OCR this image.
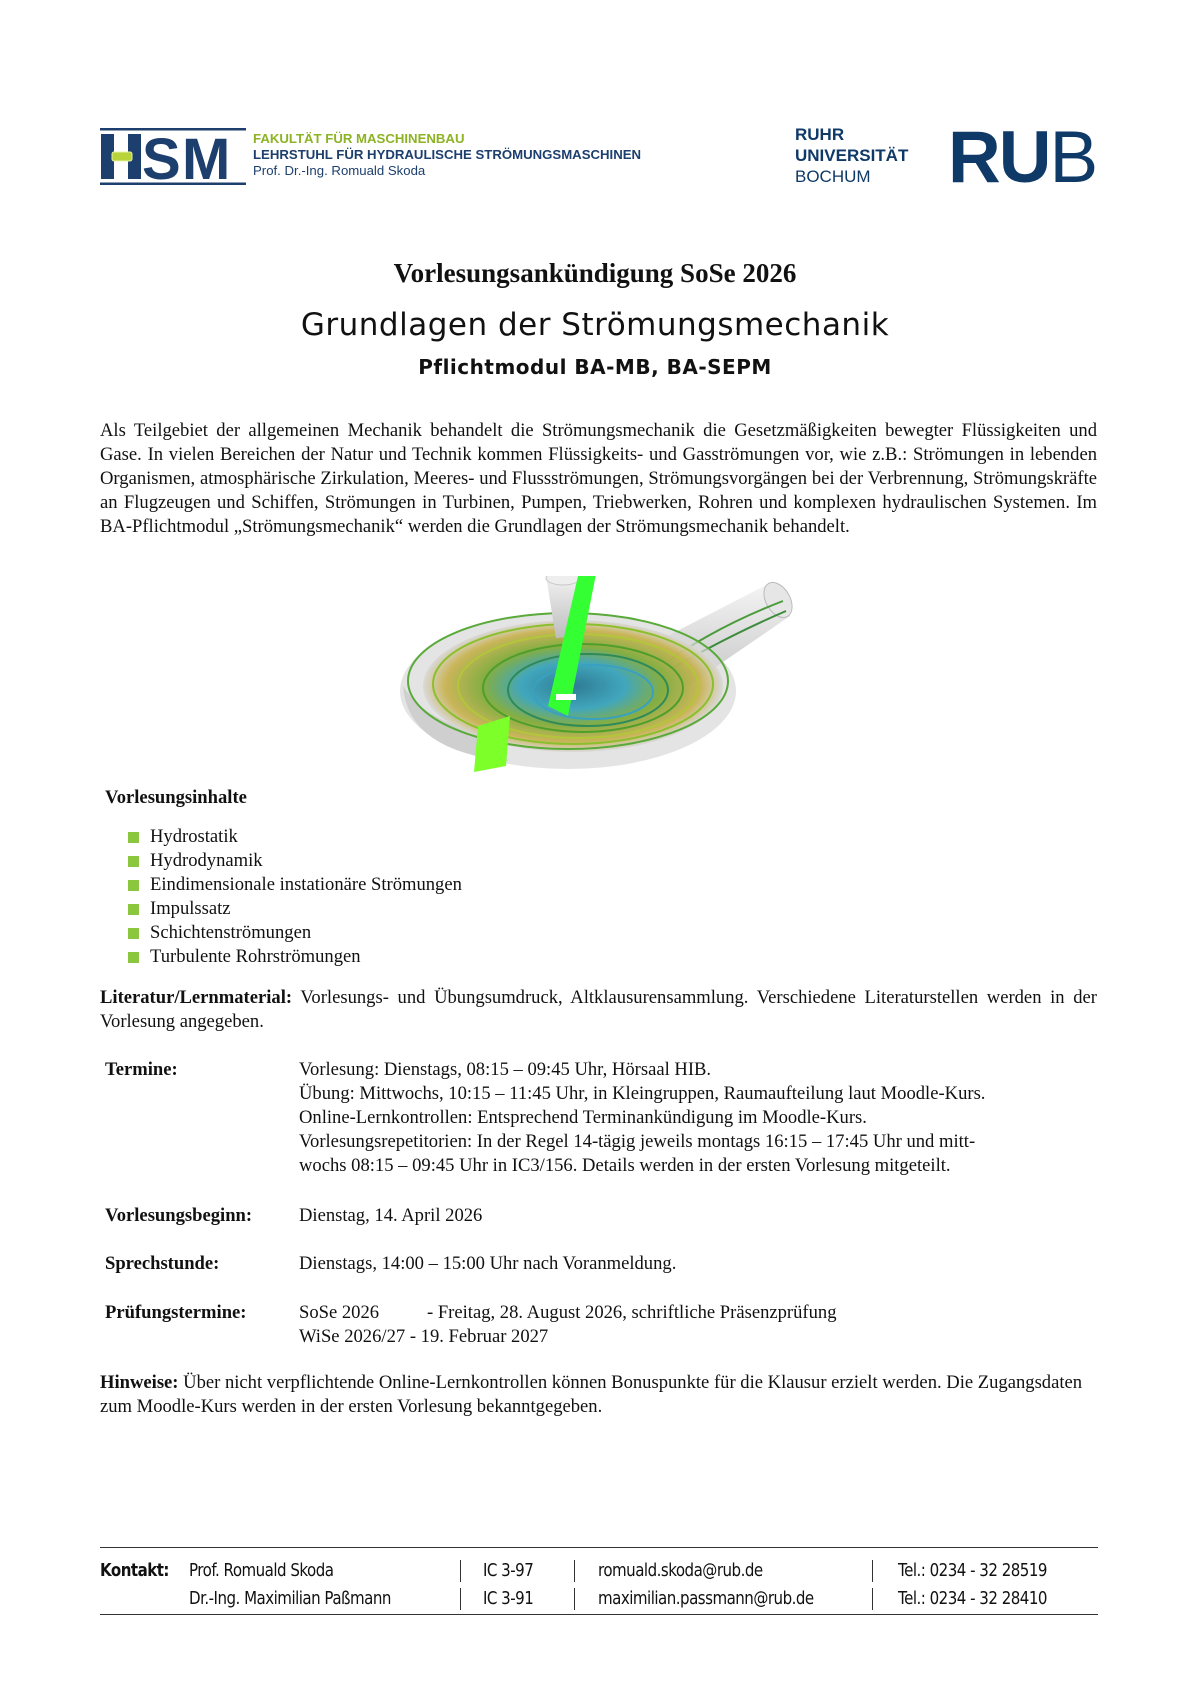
S M FAKULTÄT FÜR MASCHINENBAU
LEHRSTUHL FÜR HYDRAULISCHE STRÖMUNGSMASCHINEN
Prof. Dr.-Ing. Romuald Skoda
RUHR
UNIVERSITÄT
BOCHUM	RUB
Vorlesungsankündigung SoSe 2026
Grundlagen der Strömungsmechanik
Pflichtmodul BA-MB, BA-SEPM
Als Teilgebiet der allgemeinen Mechanik behandelt die Strömungsmechanik die Gesetzmäßigkeiten bewegter Flüssigkeiten und Gase. In vielen Bereichen der Natur und Technik kommen Flüssigkeits- und Gasströmungen vor, wie z.B.: Strömungen in lebenden Organismen, atmosphärische Zirkulation, Meeres- und Flussströmungen, Strömungsvorgängen bei der Verbrennung, Strömungskräfte an Flugzeugen und Schiffen, Strömungen in Turbinen, Pumpen, Triebwerken, Rohren und komplexen hydraulischen Systemen. Im BA-Pflichtmodul „Strömungsmechanik“ werden die Grundlagen der Strömungsmechanik behandelt.
Vorlesungsinhalte
Hydrostatik
Hydrodynamik
Eindimensionale instationäre Strömungen
Impulssatz
Schichtenströmungen
Turbulente Rohrströmungen
Literatur/Lernmaterial: Vorlesungs- und Übungsumdruck, Altklausurensammlung. Verschiedene Literaturstellen werden in der Vorlesung angegeben.
Termine:	Vorlesung: Dienstags, 08:15 – 09:45 Uhr, Hörsaal HIB.
Übung: Mittwochs, 10:15 – 11:45 Uhr, in Kleingruppen, Raumaufteilung laut Moodle-Kurs.
Online-Lernkontrollen: Entsprechend Terminankündigung im Moodle-Kurs.
Vorlesungsrepetitorien: In der Regel 14-tägig jeweils montags 16:15 – 17:45 Uhr und mitt-
wochs 08:15 – 09:45 Uhr in IC3/156. Details werden in der ersten Vorlesung mitgeteilt.
Vorlesungsbeginn:	Dienstag, 14. April 2026
Sprechstunde:	Dienstags, 14:00 – 15:00 Uhr nach Voranmeldung.
Prüfungstermine:	SoSe 2026	- Freitag, 28. August 2026, schriftliche Präsenzprüfung
WiSe 2026/27 - 19. Februar 2027
Hinweise: Über nicht verpflichtende Online-Lernkontrollen können Bonuspunkte für die Klausur erzielt werden. Die Zugangsdaten zum Moodle-Kurs werden in der ersten Vorlesung bekanntgegeben.
Kontakt: Prof. Romuald Skoda	IC 3-97	romuald.skoda@rub.de	Tel.: 0234 - 32 28519
Dr.-Ing. Maximilian Paßmann	IC 3-91	maximilian.passmann@rub.de	Tel.: 0234 - 32 28410
